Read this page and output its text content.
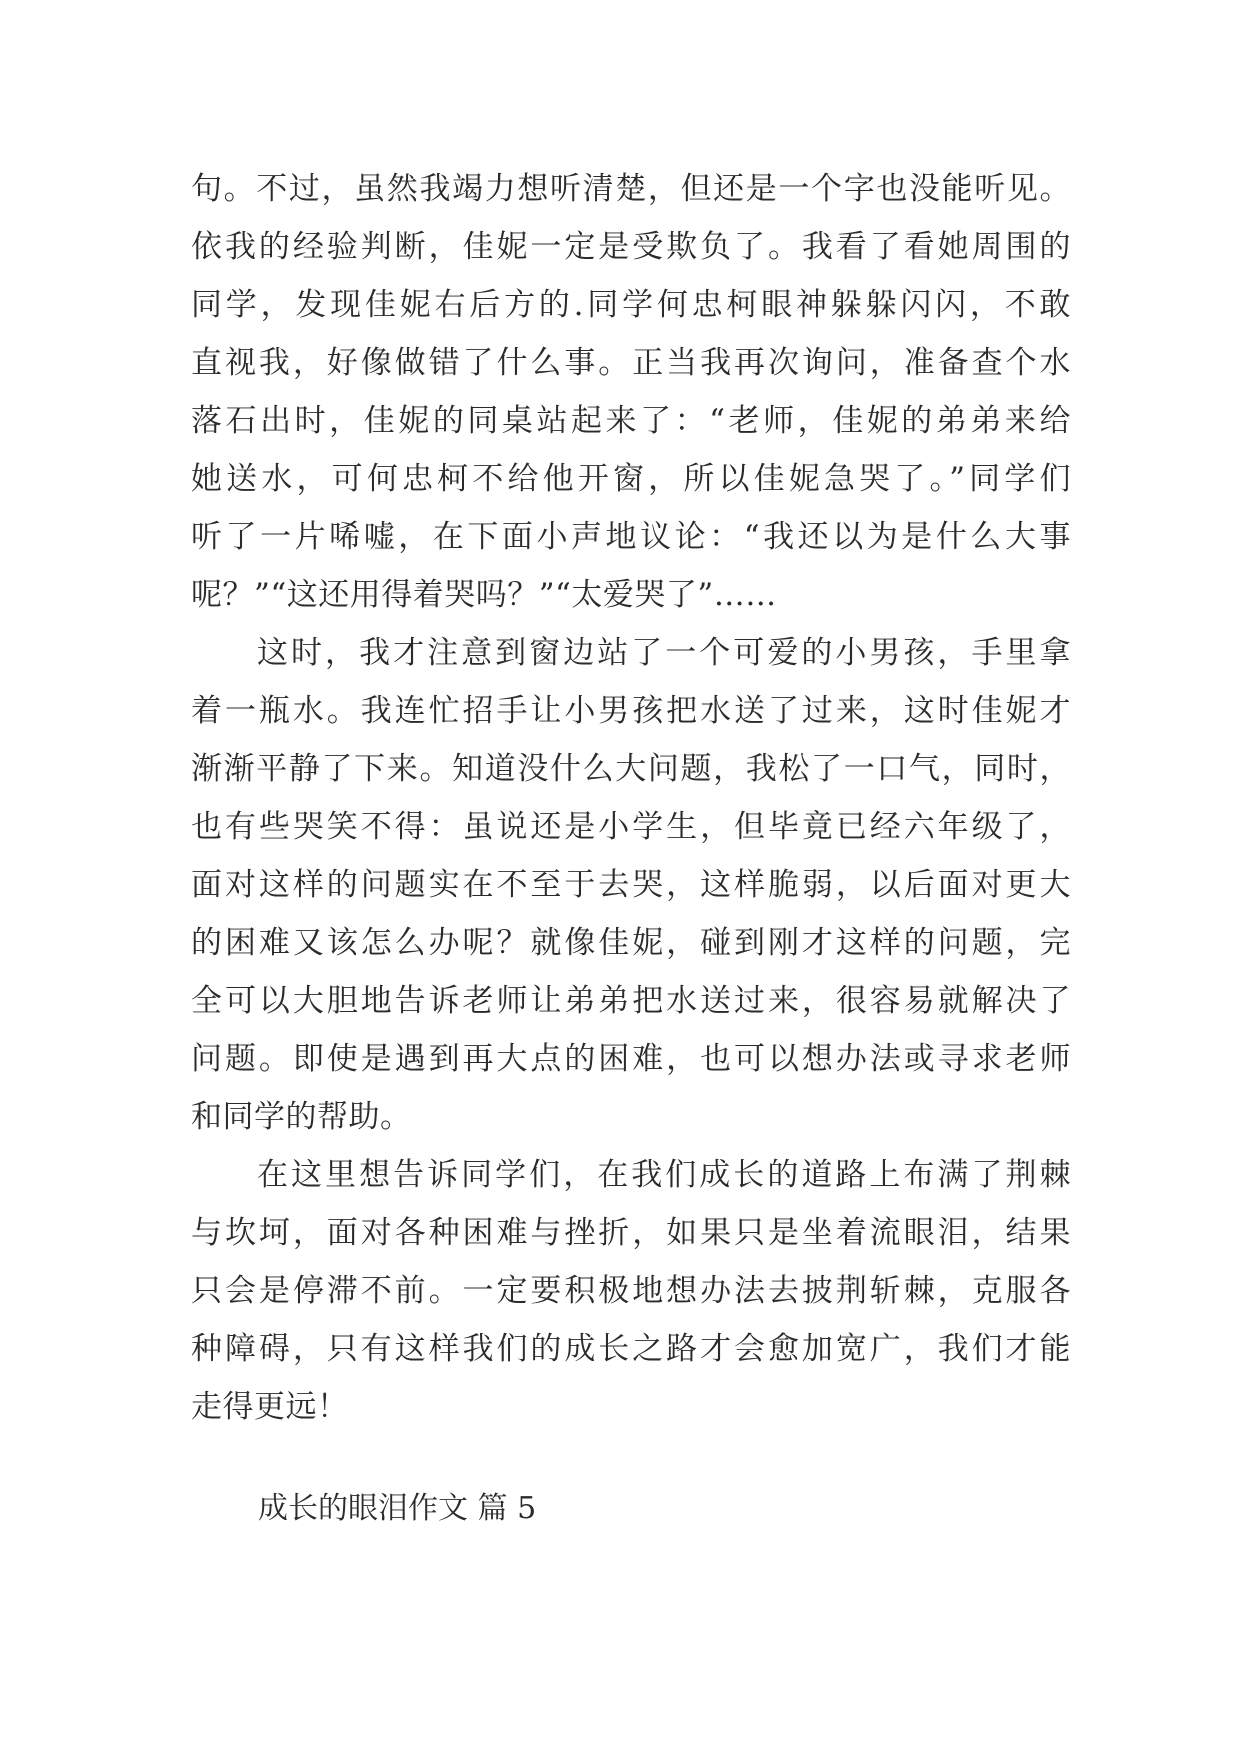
句。不过，虽然我竭力想听清楚，但还是一个字也没能听见。
依我的经验判断，佳妮一定是受欺负了。我看了看她周围的
同学，发现佳妮右后方的.同学何忠柯眼神躲躲闪闪，不敢
直视我，好像做错了什么事。正当我再次询问，准备查个水
落石出时，佳妮的同桌站起来了：“老师，佳妮的弟弟来给
她送水，可何忠柯不给他开窗，所以佳妮急哭了。”同学们
听了一片唏嘘，在下面小声地议论：“我还以为是什么大事
呢？”“这还用得着哭吗？”“太爱哭了”……
这时，我才注意到窗边站了一个可爱的小男孩，手里拿
着一瓶水。我连忙招手让小男孩把水送了过来，这时佳妮才
渐渐平静了下来。知道没什么大问题，我松了一口气，同时，
也有些哭笑不得：虽说还是小学生，但毕竟已经六年级了，
面对这样的问题实在不至于去哭，这样脆弱，以后面对更大
的困难又该怎么办呢？就像佳妮，碰到刚才这样的问题，完
全可以大胆地告诉老师让弟弟把水送过来，很容易就解决了
问题。即使是遇到再大点的困难，也可以想办法或寻求老师
和同学的帮助。
在这里想告诉同学们，在我们成长的道路上布满了荆棘
与坎坷，面对各种困难与挫折，如果只是坐着流眼泪，结果
只会是停滞不前。一定要积极地想办法去披荆斩棘，克服各
种障碍，只有这样我们的成长之路才会愈加宽广，我们才能
走得更远！
成长的眼泪作文 篇 5
